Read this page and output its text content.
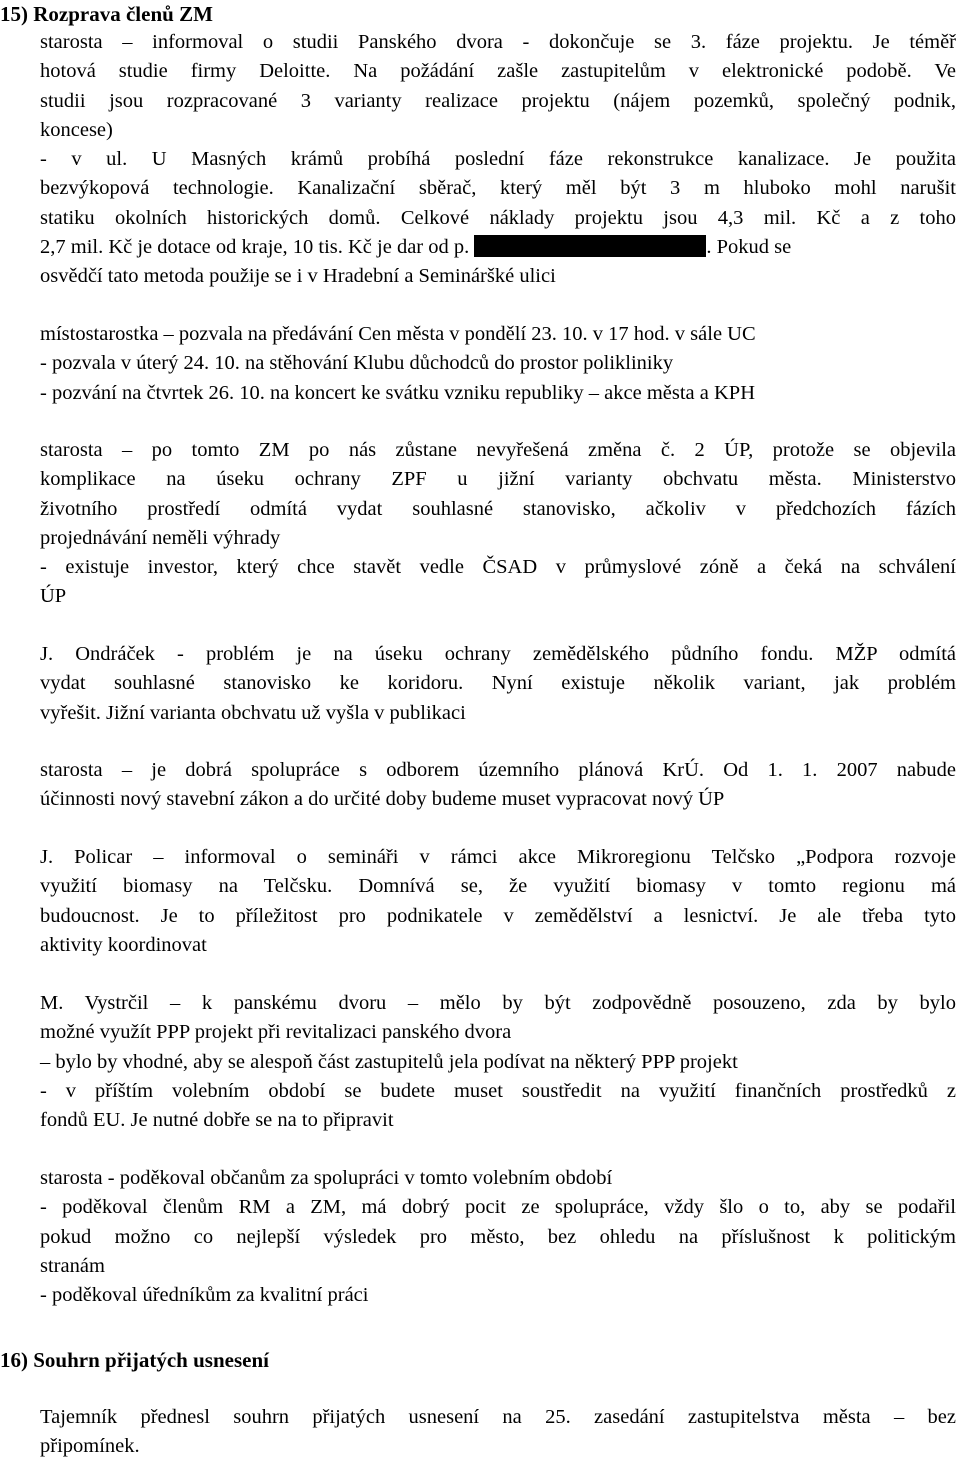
15) Rozprava členů ZM
starosta – informoval o studii Panského dvora - dokončuje se 3. fáze projektu. Je téměř
hotová studie firmy Deloitte. Na požádání zašle zastupitelům v elektronické podobě. Ve
studii jsou rozpracované 3 varianty realizace projektu (nájem pozemků, společný podnik,
koncese)
- v ul. U Masných krámů probíhá poslední fáze rekonstrukce kanalizace. Je použita
bezvýkopová technologie. Kanalizační sběrač, který měl být 3 m hluboko mohl narušit
statiku okolních historických domů. Celkové náklady projektu jsou 4,3 mil. Kč a z toho
2,7 mil. Kč je dotace od kraje, 10 tis. Kč je dar od p.	. Pokud se
osvědčí tato metoda použije se i v Hradební a Semináršké ulici
místostarostka – pozvala na předávání Cen města v pondělí 23. 10. v 17 hod. v sále UC
- pozvala v úterý 24. 10. na stěhování Klubu důchodců do prostor polikliniky
- pozvání na čtvrtek 26. 10. na koncert ke svátku vzniku republiky – akce města a KPH
starosta – po tomto ZM po nás zůstane nevyřešená změna č. 2 ÚP, protože se objevila
komplikace na úseku ochrany ZPF u jižní varianty obchvatu města. Ministerstvo
životního prostředí odmítá vydat souhlasné stanovisko, ačkoliv v předchozích fázích
projednávání neměli výhrady
- existuje investor, který chce stavět vedle ČSAD v průmyslové zóně a čeká na schválení
ÚP
J. Ondráček - problém je na úseku ochrany zemědělského půdního fondu. MŽP odmítá
vydat souhlasné stanovisko ke koridoru. Nyní existuje několik variant, jak problém
vyřešit. Jižní varianta obchvatu už vyšla v publikaci
starosta – je dobrá spolupráce s odborem územního plánová KrÚ. Od 1. 1. 2007 nabude
účinnosti nový stavební zákon a do určité doby budeme muset vypracovat nový ÚP
J. Policar – informoval o semináři v rámci akce Mikroregionu Telčsko „Podpora rozvoje
využití biomasy na Telčsku. Domnívá se, že využití biomasy v tomto regionu má
budoucnost. Je to příležitost pro podnikatele v zemědělství a lesnictví. Je ale třeba tyto
aktivity koordinovat
M. Vystrčil – k panskému dvoru – mělo by být zodpovědně posouzeno, zda by bylo
možné využít PPP projekt při revitalizaci panského dvora
– bylo by vhodné, aby se alespoň část zastupitelů jela podívat na některý PPP projekt
- v příštím volebním období se budete muset soustředit na využití finančních prostředků z
fondů EU. Je nutné dobře se na to připravit
starosta - poděkoval občanům za spolupráci v tomto volebním období
- poděkoval členům RM a ZM, má dobrý pocit ze spolupráce, vždy šlo o to, aby se podařil
pokud možno co nejlepší výsledek pro město, bez ohledu na příslušnost k politickým
stranám
- poděkoval úředníkům za kvalitní práci
16) Souhrn přijatých usnesení
Tajemník přednesl souhrn přijatých usnesení na 25. zasedání zastupitelstva města – bez
připomínek.
